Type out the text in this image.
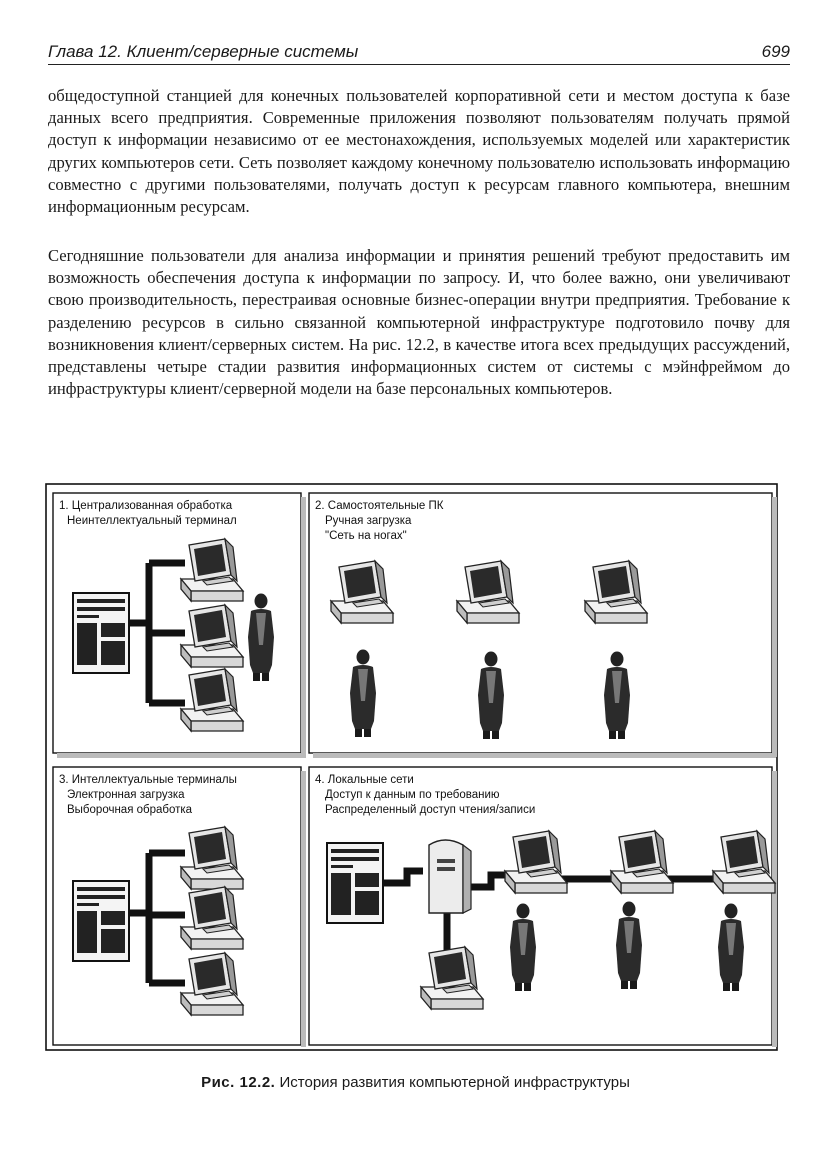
Глава 12. Клиент/серверные системы	699

общедоступной станцией для конечных пользователей корпоративной сети и местом доступа к базе данных всего предприятия. Современные приложения позволяют пользователям получать прямой доступ к информации независимо от ее местонахождения, используемых моделей или характеристик других компьютеров сети. Сеть позволяет каждому конечному пользователю использовать информацию совместно с другими пользователями, получать доступ к ресурсам главного компьютера, внешним информационным ресурсам.

Сегодняшние пользователи для анализа информации и принятия решений требуют предоставить им возможность обеспечения доступа к информации по запросу. И, что более важно, они увеличивают свою производительность, перестраивая основные бизнес-операции внутри предприятия. Требование к разделению ресурсов в сильно связанной компьютерной инфраструктуре подготовило почву для возникновения клиент/серверных систем. На рис. 12.2, в качестве итога всех предыдущих рассуждений, представлены четыре стадии развития информационных систем от системы с мэйнфреймом до инфраструктуры клиент/серверной модели на базе персональных компьютеров.

1. Централизованная обработка
Неинтеллектуальный терминал
2. Самостоятельные ПК
Ручная загрузка
"Сеть на ногах"
3. Интеллектуальные терминалы
Электронная загрузка
Выборочная обработка
4. Локальные сети
Доступ к данным по требованию
Распределенный доступ чтения/записи
Рис. 12.2. История развития компьютерной инфраструктуры
